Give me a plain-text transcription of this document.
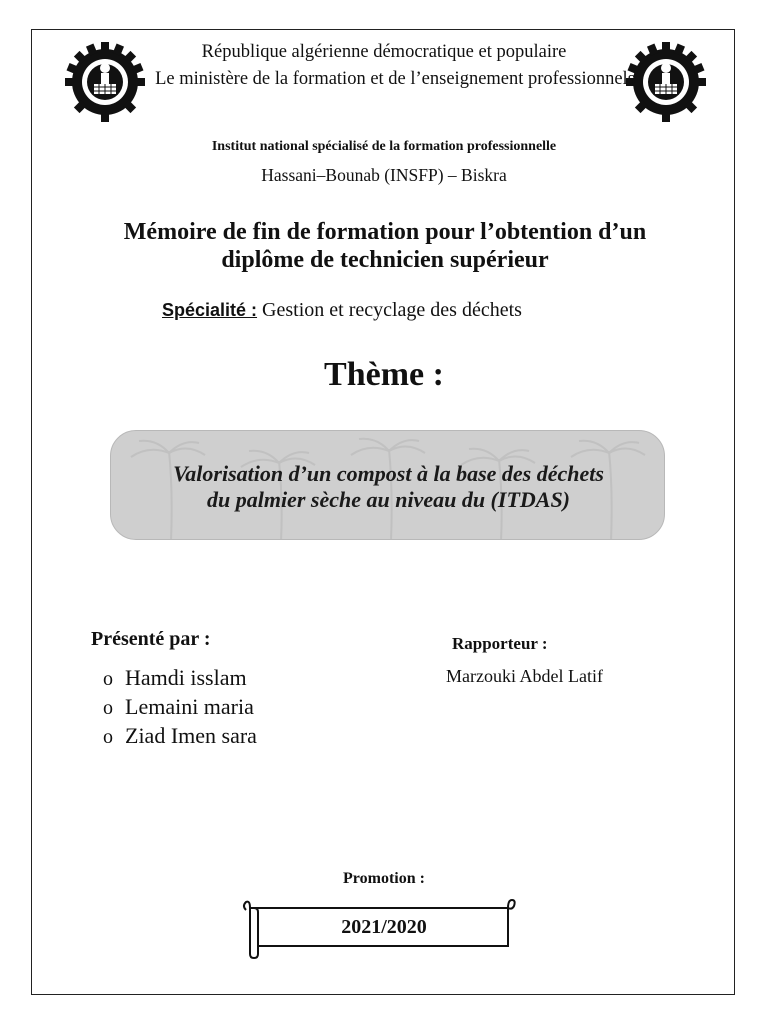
République algérienne démocratique et populaire
Le ministère de la formation et de l’enseignement professionnels
Institut national spécialisé de la formation professionnelle
Hassani–Bounab (INSFP) – Biskra
Mémoire de fin de formation pour l’obtention d’un diplôme de technicien supérieur
Spécialité : Gestion et recyclage des déchets
Thème :
Valorisation d’un compost à la base des déchets
du palmier sèche au niveau du (ITDAS)
Présenté par :
o Hamdi isslam
o Lemaini maria
o Ziad Imen sara
Rapporteur :
Marzouki Abdel Latif
Promotion :
2021/2020
